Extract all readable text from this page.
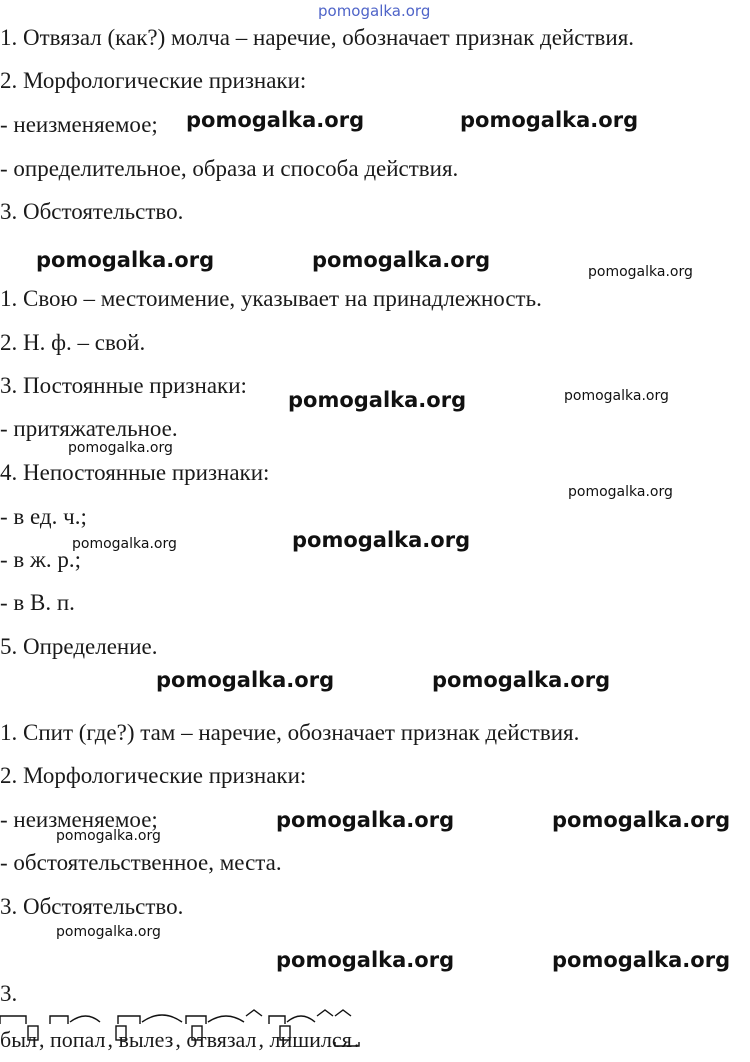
pomogalka.org
1. Отвязал (как?) молча – наречие, обозначает признак действия.
2. Морфологические признаки:
- неизменяемое;
- определительное, образа и способа действия.
3. Обстоятельство.
1. Свою – местоимение, указывает на принадлежность.
2. Н. ф. – свой.
3. Постоянные признаки:
- притяжательное.
4. Непостоянные признаки:
- в ед. ч.;
- в ж. р.;
- в В. п.
5. Определение.
1. Спит (где?) там – наречие, обозначает признак действия.
2. Морфологические признаки:
- неизменяемое;
- обстоятельственное, места.
3. Обстоятельство.
3.
был
, попал
, вылез
, отвязал
, лишился
.
pomogalka.org	pomogalka.org
pomogalka.org	pomogalka.org	pomogalka.org
pomogalka.org	pomogalka.org
pomogalka.org
pomogalka.org
pomogalka.org	pomogalka.org
pomogalka.org	pomogalka.org
pomogalka.org	pomogalka.org
pomogalka.org
pomogalka.org
pomogalka.org	pomogalka.org
